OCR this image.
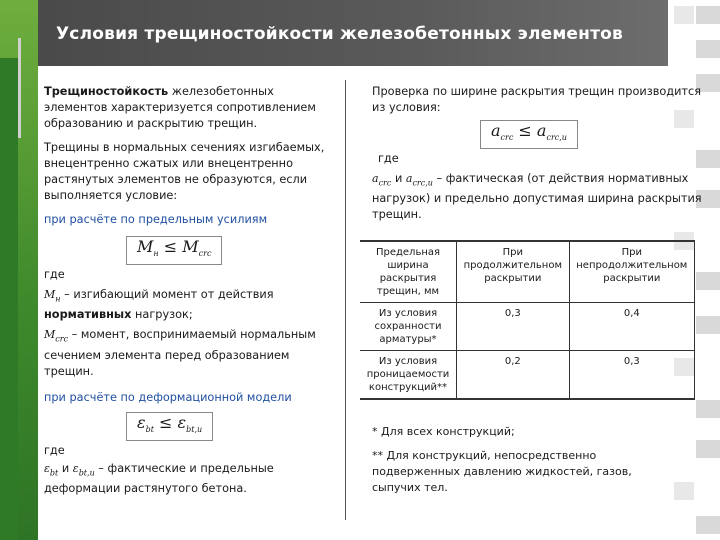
Условия трещиностойкости железобетонных элементов

Трещиностойкость железобетонных элементов характеризуется сопротивлением образованию и раскрытию трещин.

Трещины в нормальных сечениях изгибаемых, внецентренно сжатых или внецентренно растянутых элементов не образуются, если выполняется условие:

при расчёте по предельным усилиям

$M_н \le M_{crc}$

где

$M_н$ – изгибающий момент от действия нормативных нагрузок;

$M_{crc}$ – момент, воспринимаемый нормальным сечением элемента перед образованием трещин.

при расчёте по деформационной модели

$\varepsilon_{bt} \le \varepsilon_{bt,u}$

где

$\varepsilon_{bt}$ и $\varepsilon_{bt,u}$ – фактические и предельные деформации растянутого бетона.

Проверка по ширине раскрытия трещин производится из условия:

$a_{crc} \le a_{crc,u}$

где

$a_{crc}$ и $a_{crc,u}$ – фактическая (от действия нормативных нагрузок) и предельно допустимая ширина раскрытия трещин.

Предельная ширина раскрытия трещин, мм	При продолжительном раскрытии	При непродолжительном раскрытии
Из условия сохранности арматуры*	0,3	0,4
Из условия проницаемости конструкций**	0,2	0,3

* Для всех конструкций;

** Для конструкций, непосредственно подверженных давлению жидкостей, газов, сыпучих тел.
